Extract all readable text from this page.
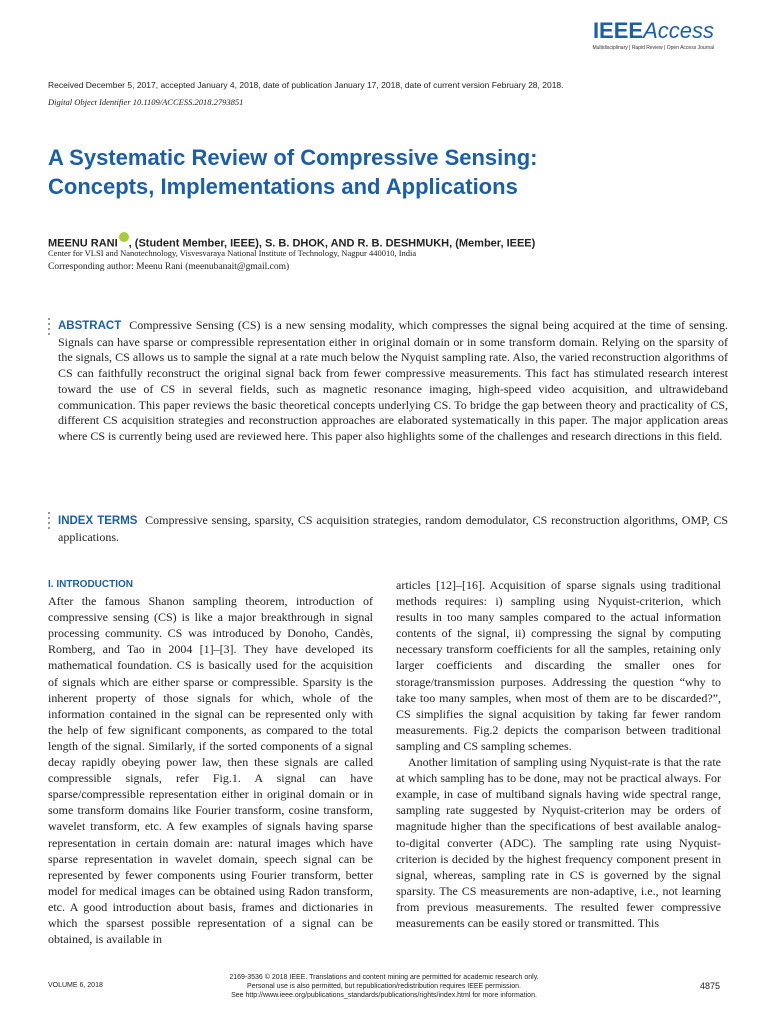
IEEEAccess
Multidisciplinary | Rapid Review | Open Access Journal
Received December 5, 2017, accepted January 4, 2018, date of publication January 17, 2018, date of current version February 28, 2018.
Digital Object Identifier 10.1109/ACCESS.2018.2793851
A Systematic Review of Compressive Sensing: Concepts, Implementations and Applications
MEENU RANI , (Student Member, IEEE), S. B. DHOK, AND R. B. DESHMUKH, (Member, IEEE)
Center for VLSI and Nanotechnology, Visvesvaraya National Institute of Technology, Nagpur 440010, India
Corresponding author: Meenu Rani (meenubanait@gmail.com)
ABSTRACT Compressive Sensing (CS) is a new sensing modality, which compresses the signal being acquired at the time of sensing. Signals can have sparse or compressible representation either in original domain or in some transform domain. Relying on the sparsity of the signals, CS allows us to sample the signal at a rate much below the Nyquist sampling rate. Also, the varied reconstruction algorithms of CS can faithfully reconstruct the original signal back from fewer compressive measurements. This fact has stimulated research interest toward the use of CS in several fields, such as magnetic resonance imaging, high-speed video acquisition, and ultrawideband communication. This paper reviews the basic theoretical concepts underlying CS. To bridge the gap between theory and practicality of CS, different CS acquisition strategies and reconstruction approaches are elaborated systematically in this paper. The major application areas where CS is currently being used are reviewed here. This paper also highlights some of the challenges and research directions in this field.
INDEX TERMS Compressive sensing, sparsity, CS acquisition strategies, random demodulator, CS reconstruction algorithms, OMP, CS applications.
I. INTRODUCTION

After the famous Shanon sampling theorem, introduction of compressive sensing (CS) is like a major breakthrough in signal processing community. CS was introduced by Donoho, Candès, Romberg, and Tao in 2004 [1]–[3]. They have developed its mathematical foundation. CS is basically used for the acquisition of signals which are either sparse or compressible. Sparsity is the inherent property of those signals for which, whole of the information contained in the signal can be represented only with the help of few significant components, as compared to the total length of the signal. Similarly, if the sorted components of a signal decay rapidly obeying power law, then these signals are called compressible signals, refer Fig.1. A signal can have sparse/compressible representation either in original domain or in some transform domains like Fourier transform, cosine transform, wavelet transform, etc. A few examples of signals having sparse representation in certain domain are: natural images which have sparse representation in wavelet domain, speech signal can be represented by fewer components using Fourier transform, better model for medical images can be obtained using Radon transform, etc. A good introduction about basis, frames and dictionaries in which the sparsest possible representation of a signal can be obtained, is available in

articles [12]–[16]. Acquisition of sparse signals using traditional methods requires: i) sampling using Nyquist-criterion, which results in too many samples compared to the actual information contents of the signal, ii) compressing the signal by computing necessary transform coefficients for all the samples, retaining only larger coefficients and discarding the smaller ones for storage/transmission purposes. Addressing the question “why to take too many samples, when most of them are to be discarded?”, CS simplifies the signal acquisition by taking far fewer random measurements. Fig.2 depicts the comparison between traditional sampling and CS sampling schemes.

Another limitation of sampling using Nyquist-rate is that the rate at which sampling has to be done, may not be practical always. For example, in case of multiband signals having wide spectral range, sampling rate suggested by Nyquist-criterion may be orders of magnitude higher than the specifications of best available analog-to-digital converter (ADC). The sampling rate using Nyquist-criterion is decided by the highest frequency component present in signal, whereas, sampling rate in CS is governed by the signal sparsity. The CS measurements are non-adaptive, i.e., not learning from previous measurements. The resulted fewer compressive measurements can be easily stored or transmitted. This

VOLUME 6, 2018
2169-3536 © 2018 IEEE. Translations and content mining are permitted for academic research only.
Personal use is also permitted, but republication/redistribution requires IEEE permission.
See http://www.ieee.org/publications_standards/publications/rights/index.html for more information.
4875
